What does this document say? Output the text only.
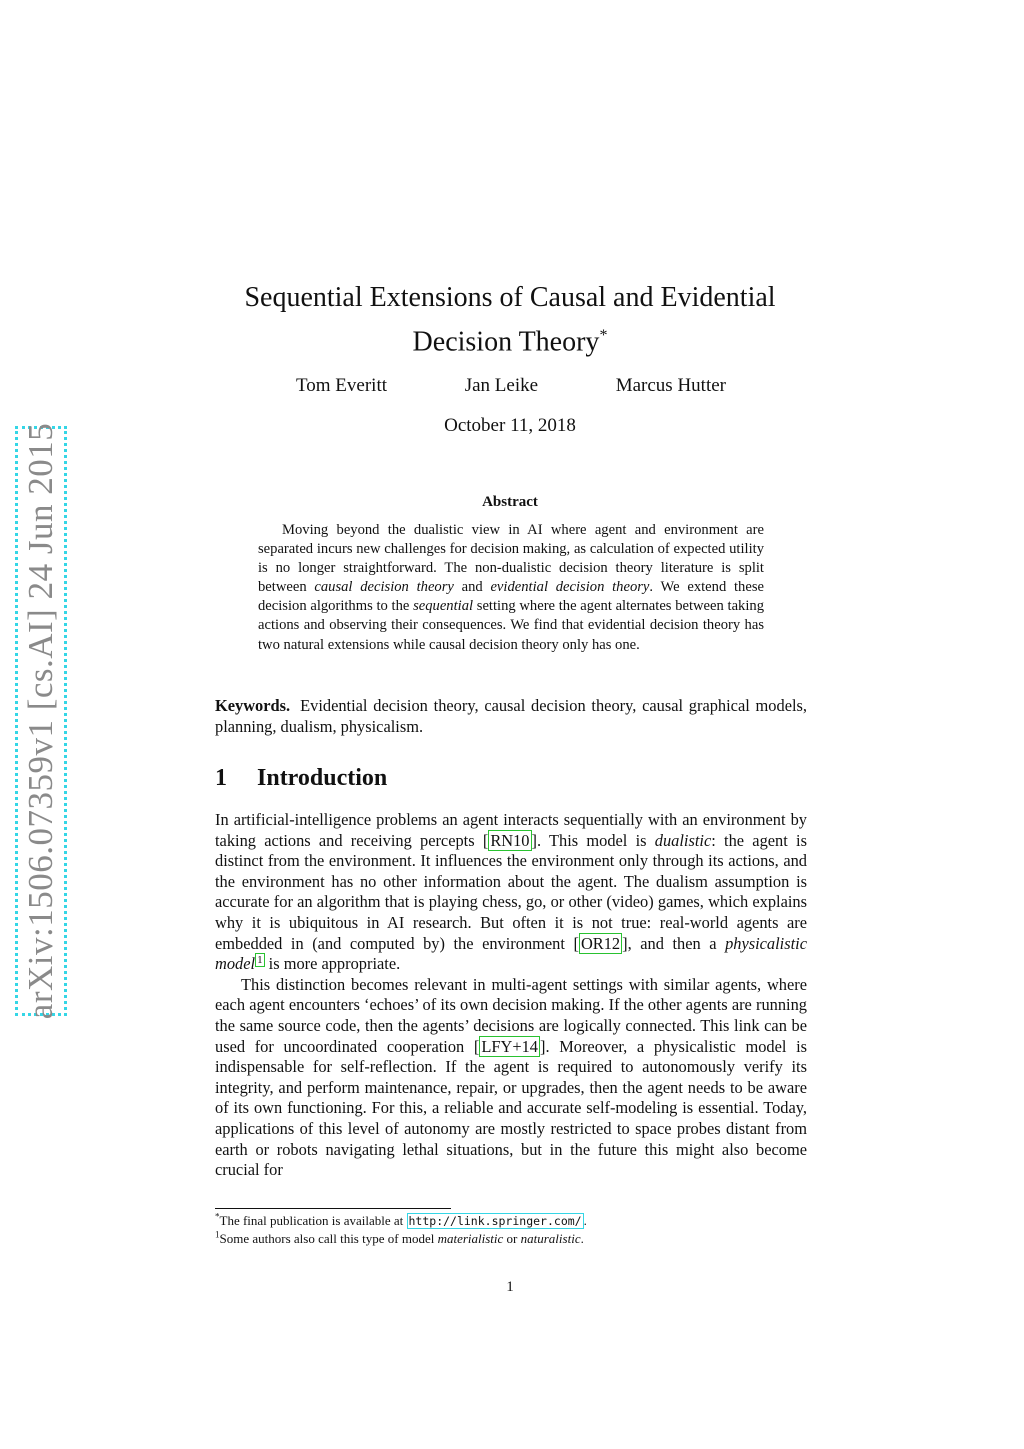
arXiv:1506.07359v1 [cs.AI] 24 Jun 2015
Sequential Extensions of Causal and Evidential
Decision Theory*
Tom Everitt	Jan Leike	Marcus Hutter
October 11, 2018
Abstract
Moving beyond the dualistic view in AI where agent and environment are separated incurs new challenges for decision making, as calculation of expected utility is no longer straightforward. The non-dualistic decision theory literature is split between causal decision theory and evidential decision theory. We extend these decision algorithms to the sequential setting where the agent alternates between taking actions and observing their consequences. We find that evidential decision theory has two natural extensions while causal decision theory only has one.
Keywords. Evidential decision theory, causal decision theory, causal graphical models, planning, dualism, physicalism.
1 Introduction

In artificial-intelligence problems an agent interacts sequentially with an environment by taking actions and receiving percepts [ RN10 ]. This model is dualistic: the agent is distinct from the environment. It influences the environment only through its actions, and the environment has no other information about the agent. The dualism assumption is accurate for an algorithm that is playing chess, go, or other (video) games, which explains why it is ubiquitous in AI research. But often it is not true: real-world agents are embedded in (and computed by) the environment [ OR12 ], and then a physicalistic model $^1$ is more appropriate.

This distinction becomes relevant in multi-agent settings with similar agents, where each agent encounters ‘echoes’ of its own decision making. If the other agents are running the same source code, then the agents’ decisions are logically connected. This link can be used for uncoordinated cooperation [ LFY+14 ]. Moreover, a physicalistic model is indispensable for self-reflection. If the agent is required to autonomously verify its integrity, and perform maintenance, repair, or upgrades, then the agent needs to be aware of its own functioning. For this, a reliable and accurate self-modeling is essential. Today, applications of this level of autonomy are mostly restricted to space probes distant from earth or robots navigating lethal situations, but in the future this might also become crucial for

*The final publication is available at http://link.springer.com/ .
$^1$Some authors also call this type of model materialistic or naturalistic.
1
